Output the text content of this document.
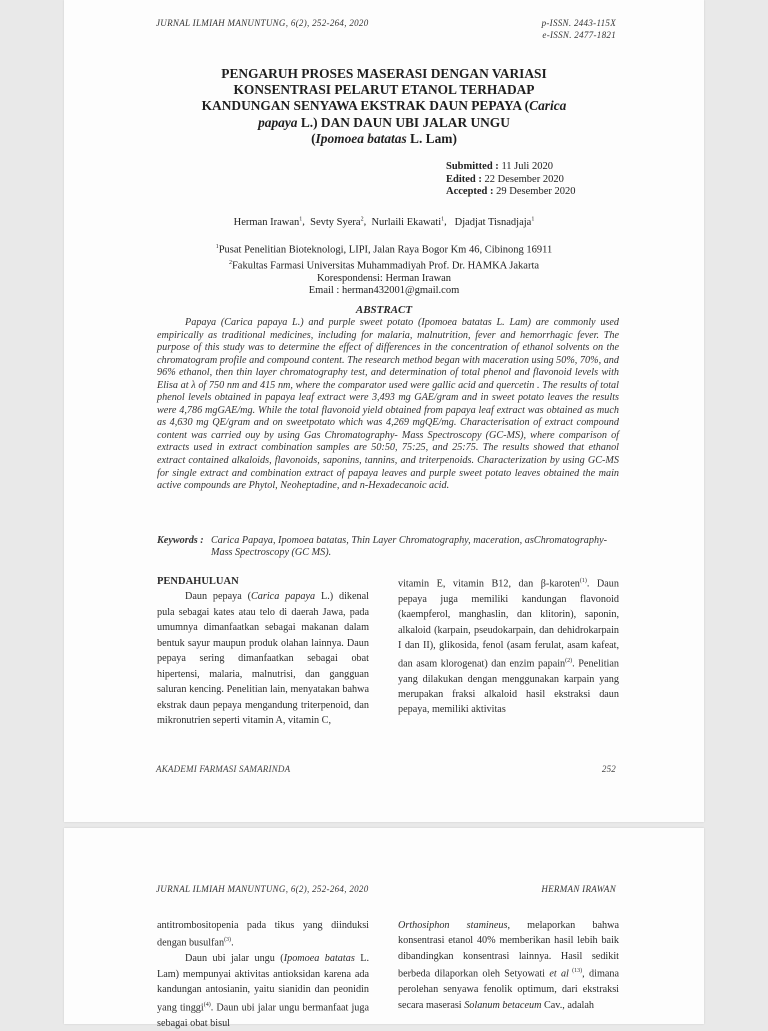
JURNAL ILMIAH MANUNTUNG, 6(2), 252-264, 2020	p-ISSN. 2443-115X
e-ISSN. 2477-1821
PENGARUH PROSES MASERASI DENGAN VARIASI
KONSENTRASI PELARUT ETANOL TERHADAP
KANDUNGAN SENYAWA EKSTRAK DAUN PEPAYA (Carica
papaya L.) DAN DAUN UBI JALAR UNGU
(Ipomoea batatas L. Lam)
Submitted : 11 Juli 2020
Edited : 22 Desember 2020
Accepted : 29 Desember 2020
Herman Irawan$^1$,  Sevty Syera$^2$,  Nurlaili Ekawati$^1$,   Djadjat Tisnadjaja$^1$
$^1$Pusat Penelitian Bioteknologi, LIPI, Jalan Raya Bogor Km 46, Cibinong 16911
$^2$Fakultas Farmasi Universitas Muhammadiyah Prof. Dr. HAMKA Jakarta
Korespondensi: Herman Irawan
Email : herman432001@gmail.com
ABSTRACT
Papaya (Carica papaya L.) and purple sweet potato (Ipomoea batatas L. Lam) are commonly used empirically as traditional medicines, including for malaria, malnutrition, fever and hemorrhagic fever. The purpose of this study was to determine the effect of differences in the concentration of ethanol solvents on the chromatogram profile and compound content. The research method began with maceration using 50%, 70%, and 96% ethanol, then thin layer chromatography test, and determination of total phenol and flavonoid levels with Elisa at λ of 750 nm and 415 nm, where the comparator used were gallic acid and quercetin . The results of total phenol levels obtained in papaya leaf extract were 3,493 mg GAE/gram and in sweet potato leaves the results were 4,786 mgGAE/mg. While the total flavonoid yield obtained from papaya leaf extract was obtained as much as 4,630 mg QE/gram and on sweetpotato which was 4,269 mgQE/mg. Characterisation of extract compound content was carried ouy by using Gas Chromatography- Mass Spectroscopy (GC-MS), where comparison of extracts used in extract combination samples are 50:50, 75:25, and 25:75. The results showed that ethanol extract contained alkaloids, flavonoids, saponins, tannins, and triterpenoids. Characterization by using GC-MS for single extract and combination extract of papaya leaves and purple sweet potato leaves obtained the main active compounds are Phytol, Neoheptadine, and n-Hexadecanoic acid.
Keywords : Carica Papaya, Ipomoea batatas, Thin Layer Chromatography, maceration, asChromatography-Mass Spectroscopy (GC MS).

PENDAHULUAN

Daun pepaya (Carica papaya L.) dikenal pula sebagai kates atau telo di daerah Jawa, pada umumnya dimanfaatkan sebagai makanan dalam bentuk sayur maupun produk olahan lainnya. Daun pepaya sering dimanfaatkan sebagai obat hipertensi, malaria, malnutrisi, dan gangguan saluran kencing. Penelitian lain, menyatakan bahwa ekstrak daun pepaya mengandung triterpenoid, dan mikronutrien seperti vitamin A, vitamin C,

vitamin E, vitamin B12, dan β-karoten$^{(1)}$. Daun pepaya juga memiliki kandungan flavonoid (kaempferol, manghaslin, dan klitorin), saponin, alkaloid (karpain, pseudokarpain, dan dehidrokarpain I dan II), glikosida, fenol (asam ferulat, asam kafeat, dan asam klorogenat) dan enzim papain$^{(2)}$. Penelitian yang dilakukan dengan menggunakan karpain yang merupakan fraksi alkaloid hasil ekstraksi daun pepaya, memiliki aktivitas

AKADEMI FARMASI SAMARINDA	252
JURNAL ILMIAH MANUNTUNG, 6(2), 252-264, 2020	HERMAN IRAWAN

antitrombositopenia pada tikus yang diinduksi dengan busulfan$^{(3)}$.

Daun ubi jalar ungu (Ipomoea batatas L. Lam) mempunyai aktivitas antioksidan karena ada kandungan antosianin, yaitu sianidin dan peonidin yang tinggi$^{(4)}$. Daun ubi jalar ungu bermanfaat juga sebagai obat bisul

Orthosiphon stamineus, melaporkan bahwa konsentrasi etanol 40% memberikan hasil lebih baik dibandingkan konsentrasi lainnya. Hasil sedikit berbeda dilaporkan oleh Setyowati et al $^{(13)}$, dimana perolehan senyawa fenolik optimum, dari ekstraksi secara maserasi Solanum betaceum Cav., adalah
